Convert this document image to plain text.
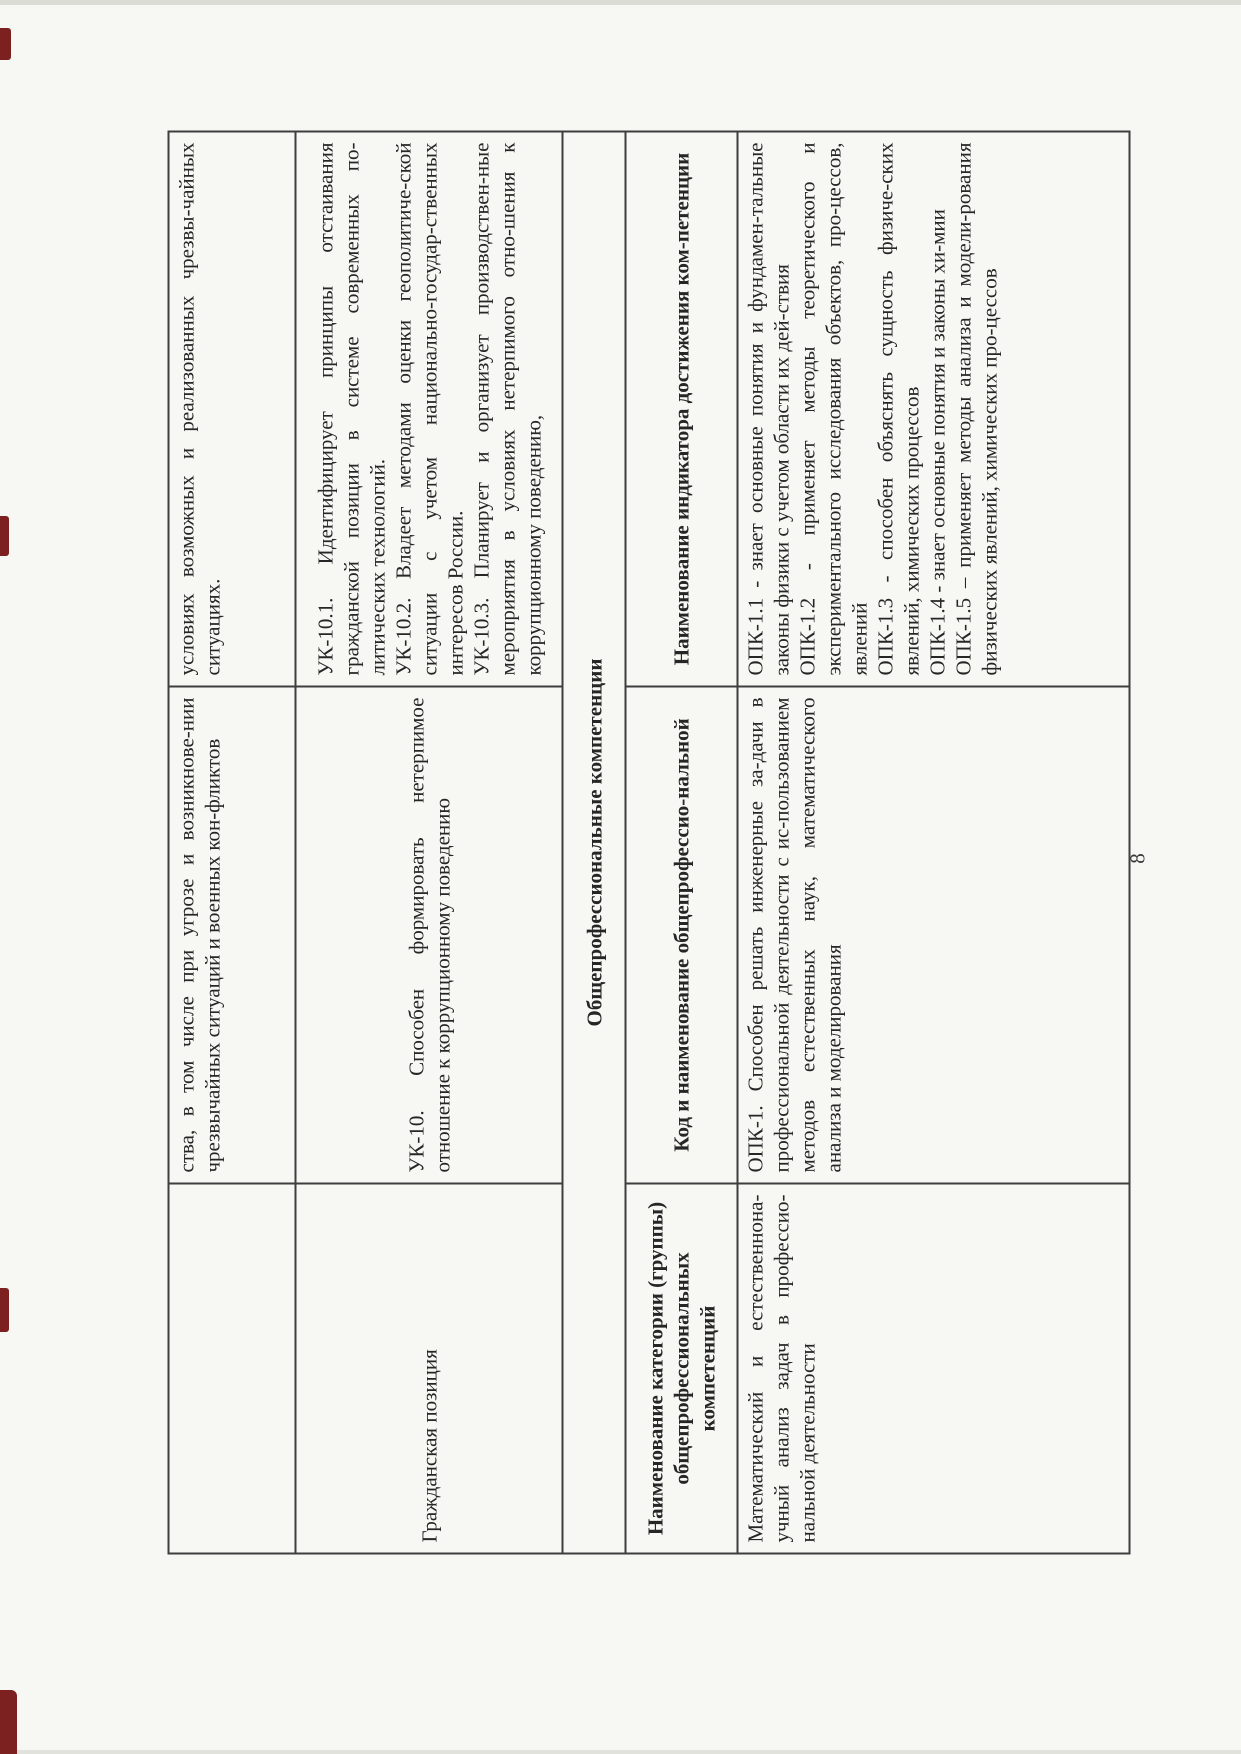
	ства, в том числе при угрозе и возникнове-нии чрезвычайных ситуаций и военных кон-фликтов	условиях возможных и реализованных чрезвы-чайных ситуациях.
Гражданская позиция	УК-10. Способен формировать нетерпимое отношение к коррупционному поведению	УК-10.1. Идентифицирует принципы отстаивания гражданской позиции в системе современных по-литических технологий. УК-10.2. Владеет методами оценки геополитиче-ской ситуации с учетом национально-государ-ственных интересов России. УК-10.3. Планирует и организует производствен-ные мероприятия в условиях нетерпимого отно-шения к коррупционному поведению,

Общепрофессиональные компетенции		
Наименование категории (группы) общепрофессиональных компетенций	Код и наименование общепрофессио-нальной	Наименование индикатора достижения ком-петенции
Математический и естественнона-учный анализ задач в профессио-нальной деятельности	ОПК-1. Способен решать инженерные за-дачи в профессиональной деятельности с ис-пользованием методов естественных наук, математического анализа и моделирования	ОПК-1.1 - знает основные понятия и фундамен-тальные законы физики с учетом области их дей-ствия ОПК-1.2 - применяет методы теоретического и экспериментального исследования объектов, про-цессов, явлений ОПК-1.3 - способен объяснять сущность физиче-ских явлений, химических процессов ОПК-1.4 - знает основные понятия и законы хи-мии ОПК-1.5 – применяет методы анализа и модели-рования физических явлений, химических про-цессов

8
